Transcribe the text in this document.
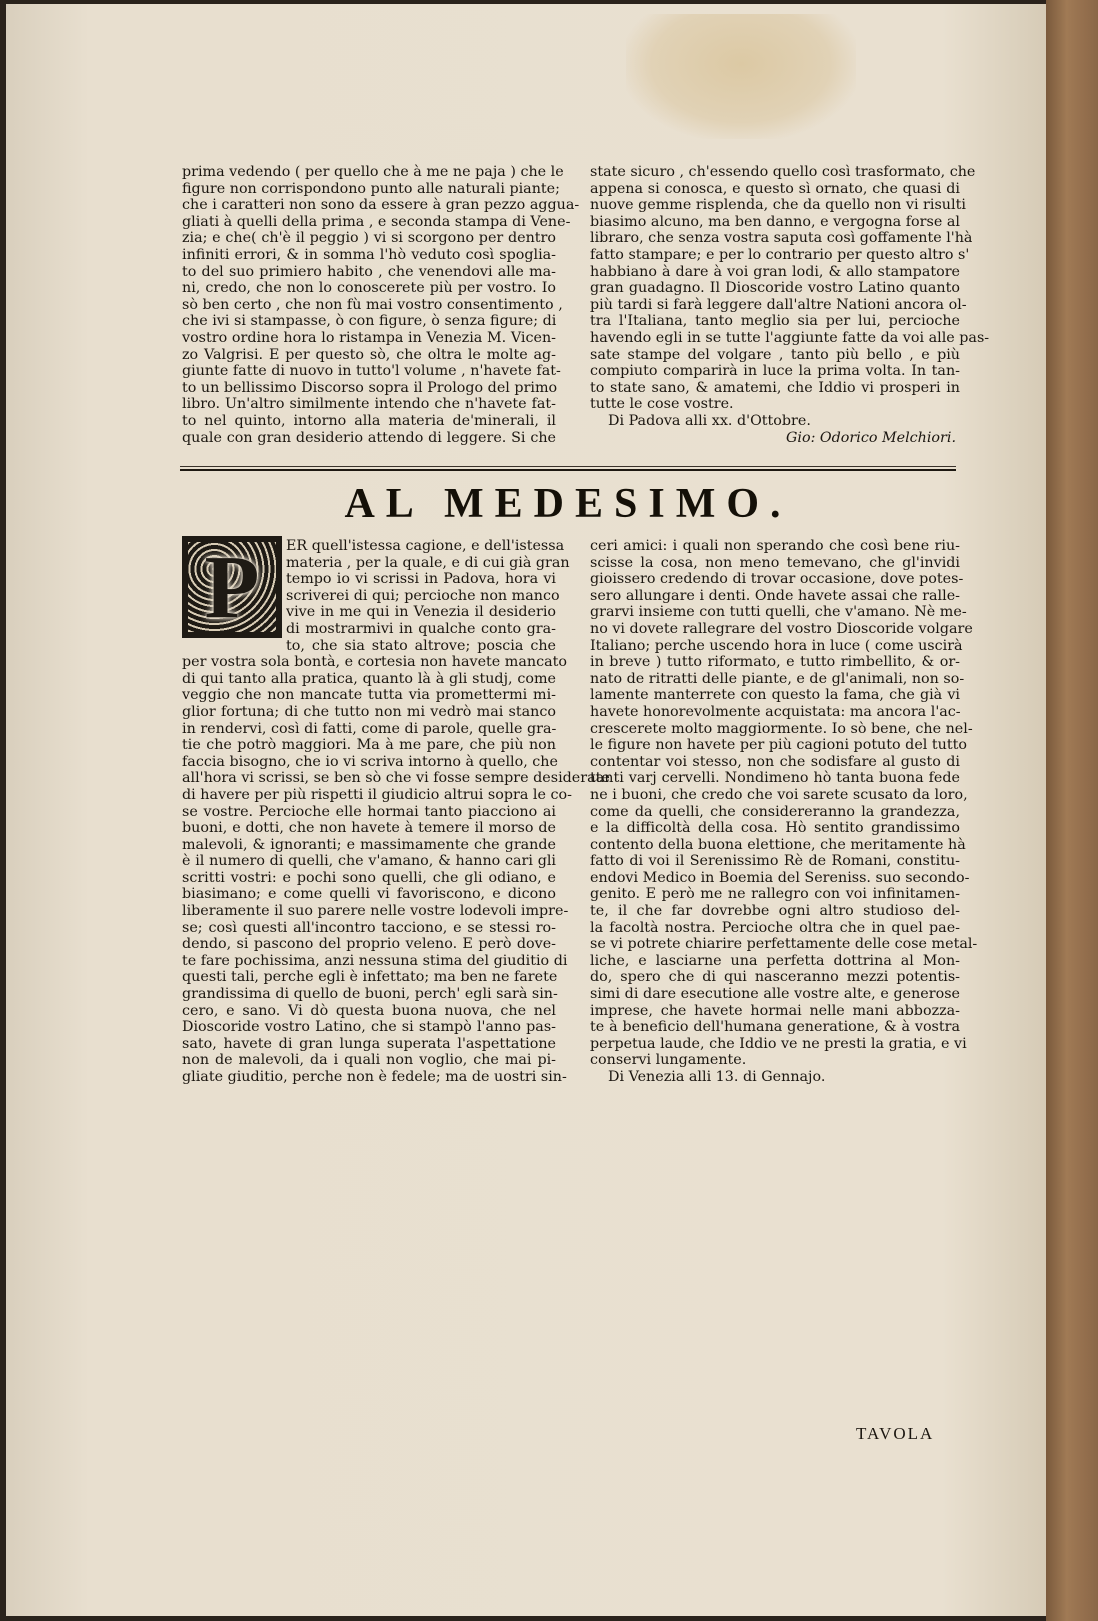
prima vedendo ( per quello che à me ne paja ) che le
figure non corrispondono punto alle naturali piante;
che i caratteri non sono da essere à gran pezzo agguа-
gliati à quelli della prima , e seconda stampa di Vene-
zia; e che( ch'è il peggio ) vi si scorgono per dentro
infiniti errori, & in somma l'hò veduto così spoglia-
to del suo primiero habito , che venendovi alle ma-
ni, credo, che non lo conoscerete più per vostro. Io
sò ben certo , che non fù mai vostro consentimento ,
che ivi si stampasse, ò con figure, ò senza figure; di
vostro ordine hora lo ristampa in Venezia M. Vicen-
zo Valgrisi. E per questo sò, che oltra le molte ag-
giunte fatte di nuovo in tutto'l volume , n'havete fat-
to un bellissimo Discorso sopra il Prologo del primo
libro. Un'altro similmente intendo che n'havete fat-
to nel quinto, intorno alla materia de'minerali, il
quale con gran desiderio attendo di leggere. Si che
state sicuro , ch'essendo quello così trasformato, che
appena si conosca, e questo sì ornato, che quasi di
nuove gemme risplenda, che da quello non vi risulti
biasimo alcuno, ma ben danno, e vergogna forse al
libraro, che senza vostra saputa così goffamente l'hà
fatto stampare; e per lo contrario per questo altro s'
habbiano à dare à voi gran lodi, & allo stampatore
gran guadagno. Il Dioscoride vostro Latino quanto
più tardi si farà leggere dall'altre Nationi ancora ol-
tra l'Italiana, tanto meglio sia per lui, percioche
havendo egli in se tutte l'aggiunte fatte da voi alle pas-
sate stampe del volgare , tanto più bello , e più
compiuto comparirà in luce la prima volta. In tan-
to state sano, & amatemi, che Iddio vi prosperi in
tutte le cose vostre.
Di Padova alli xx. d'Ottobre.
Gio: Odorico Melchiori.
AL MEDESIMO.
P	ER quell'istessa cagione, e dell'istessa
materia , per la quale, e di cui già gran
tempo io vi scrissi in Padova, hora vi
scriverei di qui; percioche non manco
vive in me qui in Venezia il desiderio
di mostrarmivi in qualche conto gra-
to, che sia stato altrove; poscia che
per vostra sola bontà, e cortesia non havete mancato
di qui tanto alla pratica, quanto là à gli studj, come
veggio che non mancate tutta via promettermi mi-
glior fortuna; di che tutto non mi vedrò mai stanco
in rendervi, così di fatti, come di parole, quelle gra-
tie che potrò maggiori. Ma à me pare, che più non
faccia bisogno, che io vi scriva intorno à quello, che
all'hora vi scrissi, se ben sò che vi fosse sempre desiderate
di havere per più rispetti il giudicio altrui sopra le co-
se vostre. Percioche elle hormai tanto piacciono ai
buoni, e dotti, che non havete à temere il morso de
malevoli, & ignoranti; e massimamente che grande
è il numero di quelli, che v'amano, & hanno cari gli
scritti vostri: e pochi sono quelli, che gli odiano, e
biasimano; e come quelli vi favoriscono, e dicono
liberamente il suo parere nelle vostre lodevoli impre-
se; così questi all'incontro tacciono, e se stessi ro-
dendo, si pascono del proprio veleno. E però dove-
te fare pochissima, anzi nessuna stima del giuditio di
questi tali, perche egli è infettato; ma ben ne farete
grandissima di quello de buoni, perch' egli sarà sin-
cero, e sano. Vi dò questa buona nuova, che nel
Dioscoride vostro Latino, che si stampò l'anno pas-
sato, havete di gran lunga superata l'aspettatione
non de malevoli, da i quali non voglio, che mai pi-
gliate giuditio, perche non è fedele; ma de uostri sin-
ceri amici: i quali non sperando che così bene riu-
scisse la cosa, non meno temevano, che gl'invidi
gioissero credendo di trovar occasione, dove potes-
sero allungare i denti. Onde havete assai che ralle-
grarvi insieme con tutti quelli, che v'amano. Nè me-
no vi dovete rallegrare del vostro Dioscoride volgare
Italiano; perche uscendo hora in luce ( come uscirà
in breve ) tutto riformato, e tutto rimbellito, & or-
nato de ritratti delle piante, e de gl'animali, non so-
lamente manterrete con questo la fama, che già vi
havete honorevolmente acquistata: ma ancora l'ac-
crescerete molto maggiormente. Io sò bene, che nel-
le figure non havete per più cagioni potuto del tutto
contentar voi stesso, non che sodisfare al gusto di
tanti varj cervelli. Nondimeno hò tanta buona fede
ne i buoni, che credo che voi sarete scusato da loro,
come da quelli, che considereranno la grandezza,
e la difficoltà della cosa. Hò sentito grandissimo
contento della buona elettione, che meritamente hà
fatto di voi il Serenissimo Rè de Romani, constitu-
endovi Medico in Boemia del Sereniss. suo secondo-
genito. E però me ne rallegro con voi infinitamen-
te, il che far dovrebbe ogni altro studioso del-
la facoltà nostra. Percioche oltra che in quel pae-
se vi potrete chiarire perfettamente delle cose metal-
liche, e lasciarne una perfetta dottrina al Mon-
do, spero che di qui nasceranno mezzi potentis-
simi di dare esecutione alle vostre alte, e generose
imprese, che havete hormai nelle mani abbozza-
te à beneficio dell'humana generatione, & à vostra
perpetua laude, che Iddio ve ne presti la gratia, e vi
conservi lungamente.
Di Venezia alli 13. di Gennajo.
TAVOLA
